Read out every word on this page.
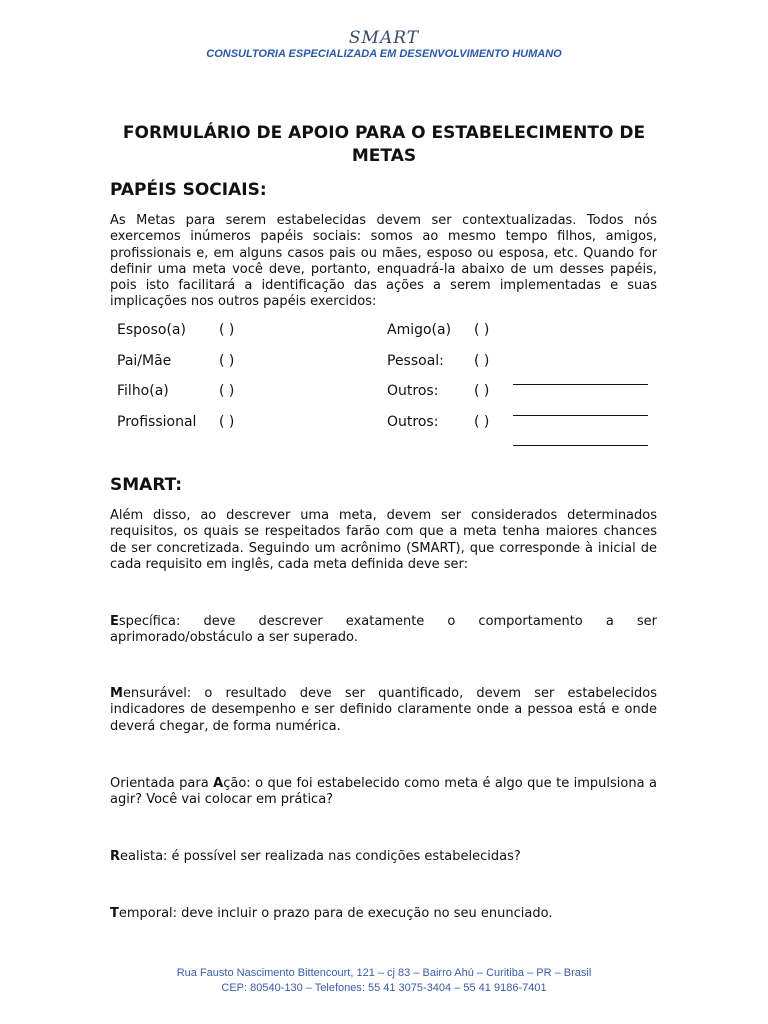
SMART
CONSULTORIA ESPECIALIZADA EM DESENVOLVIMENTO HUMANO
FORMULÁRIO DE APOIO PARA O ESTABELECIMENTO DE METAS
PAPÉIS SOCIAIS:
As Metas para serem estabelecidas devem ser contextualizadas. Todos nós exercemos inúmeros papéis sociais: somos ao mesmo tempo filhos, amigos, profissionais e, em alguns casos pais ou mães, esposo ou esposa, etc. Quando for definir uma meta você deve, portanto, enquadrá-la abaixo de um desses papéis, pois isto facilitará a identificação das ações a serem implementadas e suas implicações nos outros papéis exercidos:
Esposo(a) ( )	Amigo(a) ( )
Pai/Mãe	( )	Pessoal: ( )
Filho(a)	( )	Outros:	( )
Profissional ( )	Outros:	( )
SMART:
Além disso, ao descrever uma meta, devem ser considerados determinados requisitos, os quais se respeitados farão com que a meta tenha maiores chances de ser concretizada. Seguindo um acrônimo (SMART), que corresponde à inicial de cada requisito em inglês, cada meta definida deve ser:
Específica: deve descrever exatamente o comportamento a ser aprimorado/obstáculo a ser superado.
Mensurável: o resultado deve ser quantificado, devem ser estabelecidos indicadores de desempenho e ser definido claramente onde a pessoa está e onde deverá chegar, de forma numérica.
Orientada para Ação: o que foi estabelecido como meta é algo que te impulsiona a agir? Você vai colocar em prática?
Realista: é possível ser realizada nas condições estabelecidas?
Temporal: deve incluir o prazo para de execução no seu enunciado.
Rua Fausto Nascimento Bittencourt, 121 – cj 83 – Bairro Ahú – Curitiba – PR – Brasil
CEP: 80540-130 – Telefones: 55 41 3075-3404 – 55 41 9186-7401
